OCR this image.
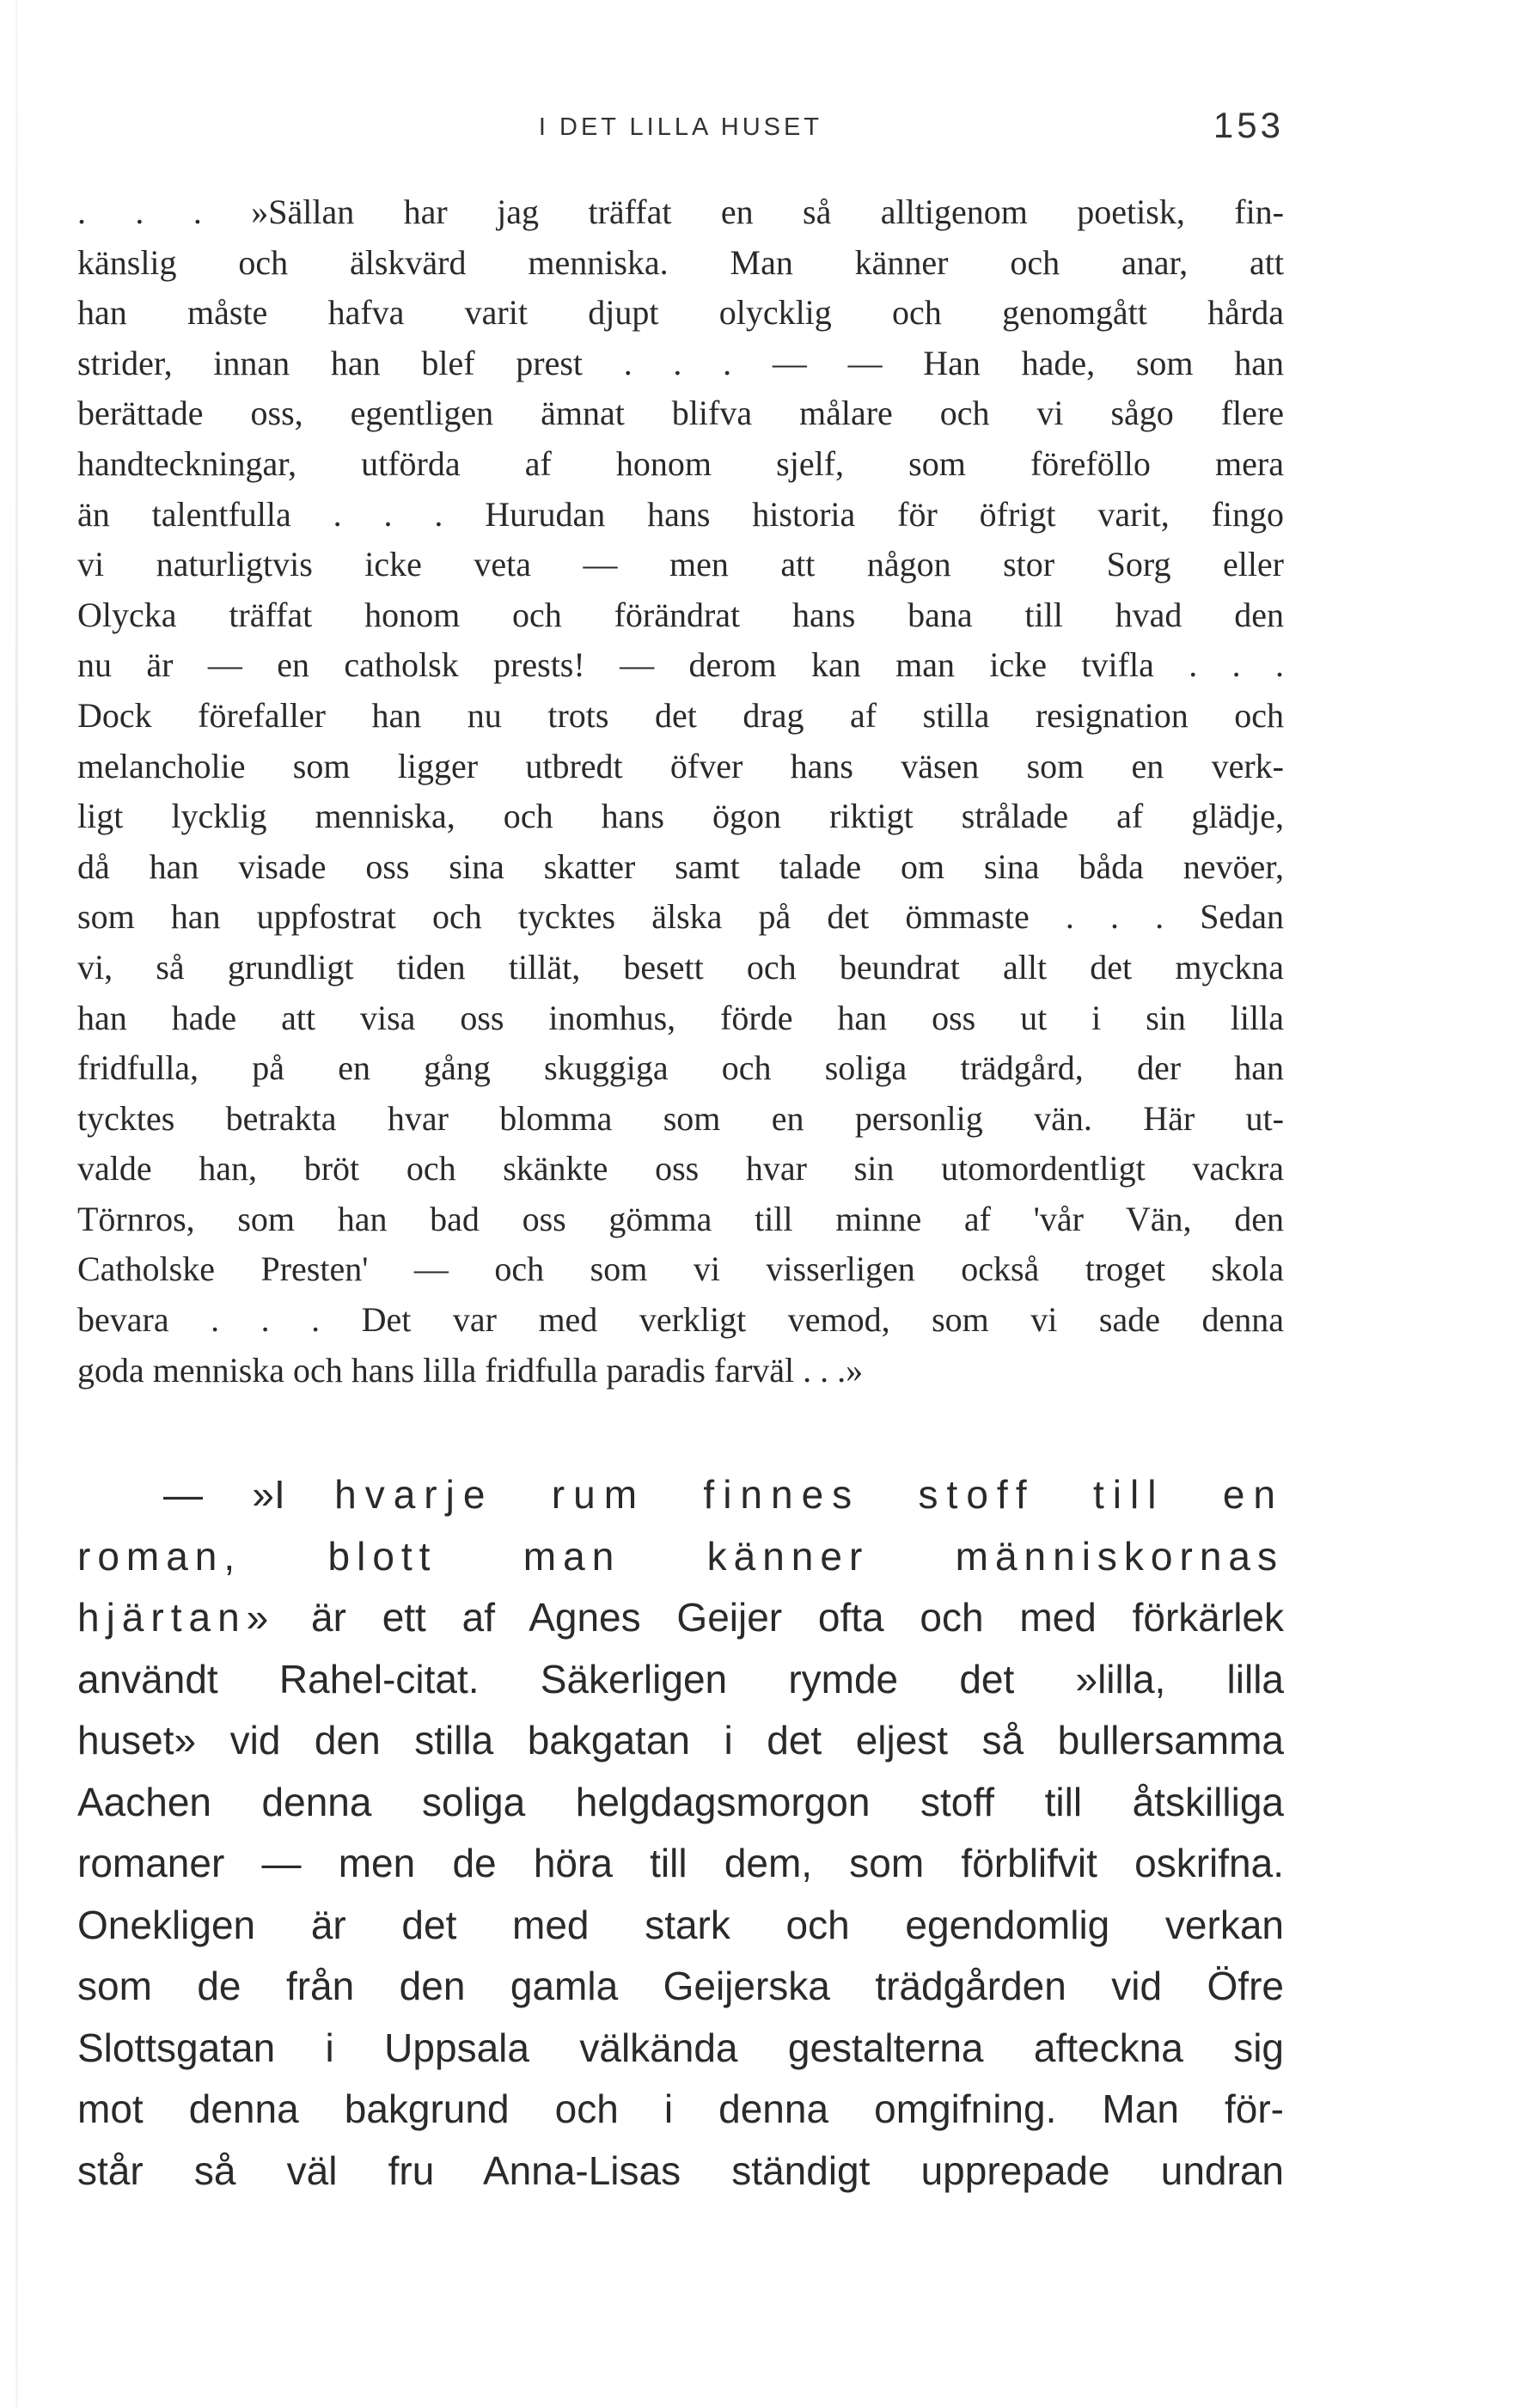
I DET LILLA HUSET	153
. . . »Sällan har jag träffat en så alltigenom poetisk, fin-
känslig och älskvärd menniska. Man känner och anar, att
han måste hafva varit djupt olycklig och genomgått hårda
strider, innan han blef prest . . . — — Han hade, som han
berättade oss, egentligen ämnat blifva målare och vi sågo flere
handteckningar, utförda af honom sjelf, som föreföllo mera
än talentfulla . . . Hurudan hans historia för öfrigt varit, fingo
vi naturligtvis icke veta — men att någon stor Sorg eller
Olycka träffat honom och förändrat hans bana till hvad den
nu är — en catholsk prests! — derom kan man icke tvifla . . .
Dock förefaller han nu trots det drag af stilla resignation och
melancholie som ligger utbredt öfver hans väsen som en verk-
ligt lycklig menniska, och hans ögon riktigt strålade af glädje,
då han visade oss sina skatter samt talade om sina båda nevöer,
som han uppfostrat och tycktes älska på det ömmaste . . . Sedan
vi, så grundligt tiden tillät, besett och beundrat allt det myckna
han hade att visa oss inomhus, förde han oss ut i sin lilla
fridfulla, på en gång skuggiga och soliga trädgård, der han
tycktes betrakta hvar blomma som en personlig vän. Här ut-
valde han, bröt och skänkte oss hvar sin utomordentligt vackra
Törnros, som han bad oss gömma till minne af 'vår Vän, den
Catholske Presten' — och som vi visserligen också troget skola
bevara . . . Det var med verkligt vemod, som vi sade denna
goda menniska och hans lilla fridfulla paradis farväl . . .»
— »I hvarje rum finnes stoff till en
roman, blott man känner människornas
hjärtan» är ett af Agnes Geijer ofta och med förkärlek
användt Rahel-citat. Säkerligen rymde det »lilla, lilla
huset» vid den stilla bakgatan i det eljest så bullersamma
Aachen denna soliga helgdagsmorgon stoff till åtskilliga
romaner — men de höra till dem, som förblifvit oskrifna.
Onekligen är det med stark och egendomlig verkan
som de från den gamla Geijerska trädgården vid Öfre
Slottsgatan i Uppsala välkända gestalterna afteckna sig
mot denna bakgrund och i denna omgifning. Man för-
står så väl fru Anna-Lisas ständigt upprepade undran
